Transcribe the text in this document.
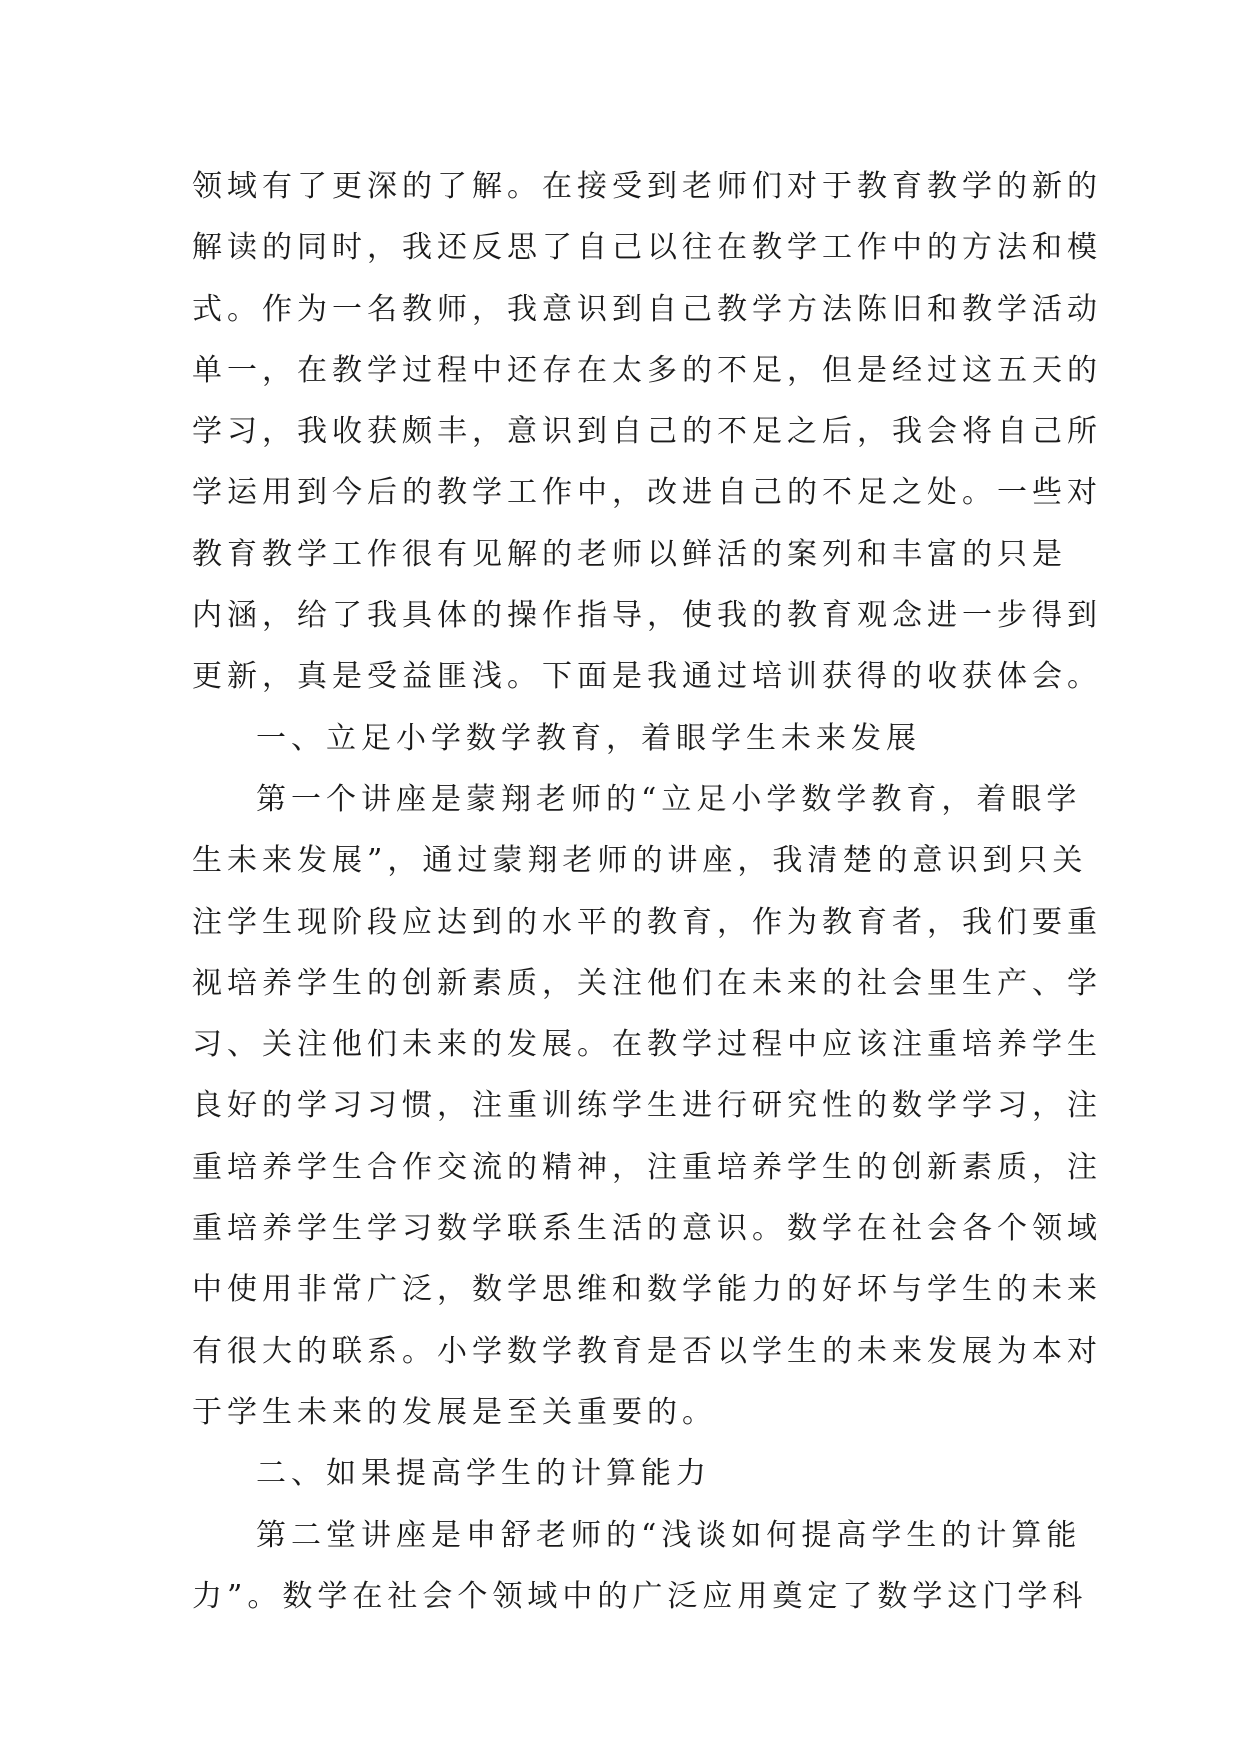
领域有了更深的了解。在接受到老师们对于教育教学的新的
解读的同时，我还反思了自己以往在教学工作中的方法和模
式。作为一名教师，我意识到自己教学方法陈旧和教学活动
单一，在教学过程中还存在太多的不足，但是经过这五天的
学习，我收获颇丰，意识到自己的不足之后，我会将自己所
学运用到今后的教学工作中，改进自己的不足之处。一些对
教育教学工作很有见解的老师以鲜活的案列和丰富的只是
内涵，给了我具体的操作指导，使我的教育观念进一步得到
更新，真是受益匪浅。下面是我通过培训获得的收获体会。
一、立足小学数学教育，着眼学生未来发展
第一个讲座是蒙翔老师的“立足小学数学教育，着眼学
生未来发展”，通过蒙翔老师的讲座，我清楚的意识到只关
注学生现阶段应达到的水平的教育，作为教育者，我们要重
视培养学生的创新素质，关注他们在未来的社会里生产、学
习、关注他们未来的发展。在教学过程中应该注重培养学生
良好的学习习惯，注重训练学生进行研究性的数学学习，注
重培养学生合作交流的精神，注重培养学生的创新素质，注
重培养学生学习数学联系生活的意识。数学在社会各个领域
中使用非常广泛，数学思维和数学能力的好坏与学生的未来
有很大的联系。小学数学教育是否以学生的未来发展为本对
于学生未来的发展是至关重要的。
二、如果提高学生的计算能力
第二堂讲座是申舒老师的“浅谈如何提高学生的计算能
力”。数学在社会个领域中的广泛应用奠定了数学这门学科
